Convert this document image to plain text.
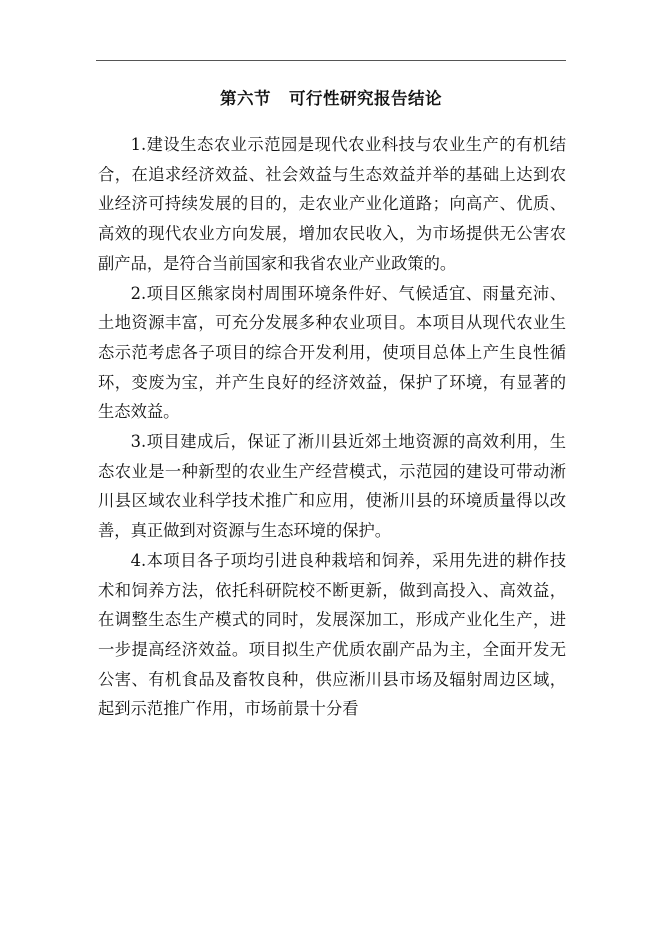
第六节 可行性研究报告结论

1.建设生态农业示范园是现代农业科技与农业生产的有机结合，在追求经济效益、社会效益与生态效益并举的基础上达到农业经济可持续发展的目的，走农业产业化道路；向高产、优质、高效的现代农业方向发展，增加农民收入，为市场提供无公害农副产品，是符合当前国家和我省农业产业政策的。

2.项目区熊家岗村周围环境条件好、气候适宜、雨量充沛、土地资源丰富，可充分发展多种农业项目。本项目从现代农业生态示范考虑各子项目的综合开发利用，使项目总体上产生良性循环，变废为宝，并产生良好的经济效益，保护了环境，有显著的生态效益。

3.项目建成后，保证了淅川县近郊土地资源的高效利用，生态农业是一种新型的农业生产经营模式，示范园的建设可带动淅川县区域农业科学技术推广和应用，使淅川县的环境质量得以改善，真正做到对资源与生态环境的保护。

4.本项目各子项均引进良种栽培和饲养，采用先进的耕作技术和饲养方法，依托科研院校不断更新，做到高投入、高效益，在调整生态生产模式的同时，发展深加工，形成产业化生产，进一步提高经济效益。项目拟生产优质农副产品为主，全面开发无公害、有机食品及畜牧良种，供应淅川县市场及辐射周边区域，起到示范推广作用，市场前景十分看
